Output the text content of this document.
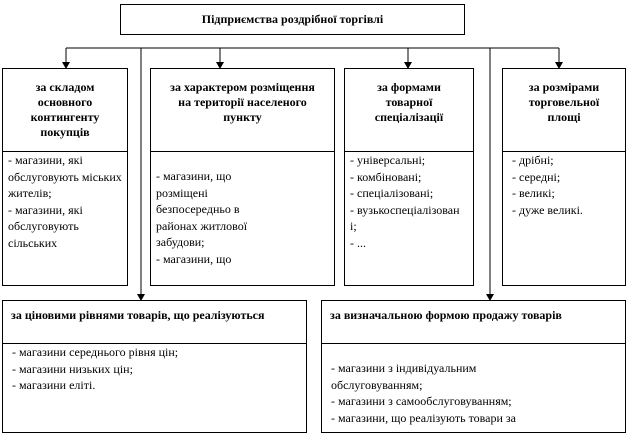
Підприємства роздрібної торгівлі
за складом основного контингенту покупців
- магазини, які обслуговують міських жителів;
- магазини, які обслуговують сільських
за характером розміщення на території населеного пункту
- магазини, що розміщені безпосередньо в районах житлової забудови;
- магазини, що
за формами товарної спеціалізації
- універсальні;
- комбіновані;
- спеціалізовані;
- вузькоспеціалізовані;
- ...
за розмірами торговельної площі
- дрібні;
- середні;
- великі;
- дуже великі.
за ціновими рівнями товарів, що реалізуються
- магазини середнього рівня цін;
- магазини низьких цін;
- магазини еліті.
за визначальною формою продажу товарів
- магазини з індивідуальним обслуговуванням;
- магазини з самообслуговуванням;
- магазини, що реалізують товари за
